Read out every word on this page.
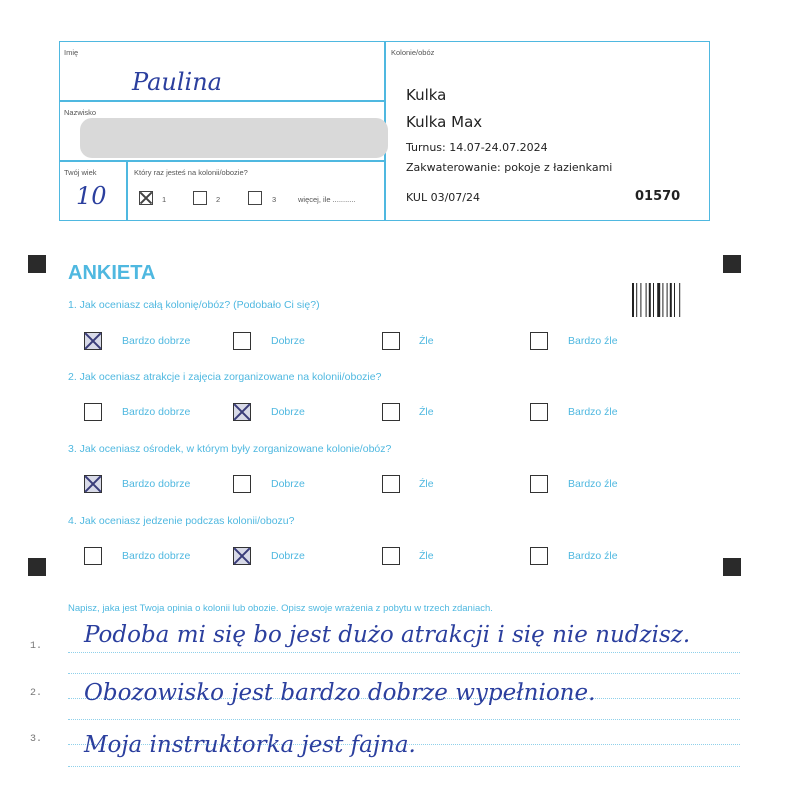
Imię
Paulina
Nazwisko
Twój wiek
10
Który raz jesteś na kolonii/obozie?
1	2	3	więcej, ile ...........
Kolonie/obóz
Kulka
Kulka Max
Turnus: 14.07-24.07.2024
Zakwaterowanie: pokoje z łazienkami
KUL 03/07/24	01570
ANKIETA
1. Jak oceniasz całą kolonię/obóz? (Podobało Ci się?)
Bardzo dobrze	Dobrze	Źle	Bardzo źle
2. Jak oceniasz atrakcje i zajęcia zorganizowane na kolonii/obozie?
Bardzo dobrze	Dobrze	Źle	Bardzo źle
3. Jak oceniasz ośrodek, w którym były zorganizowane kolonie/obóz?
Bardzo dobrze	Dobrze	Źle	Bardzo źle
4. Jak oceniasz jedzenie podczas kolonii/obozu?
Bardzo dobrze	Dobrze	Źle	Bardzo źle
Napisz, jaka jest Twoja opinia o kolonii lub obozie. Opisz swoje wrażenia z pobytu w trzech zdaniach.
1.
2.
3.
Podoba mi się bo jest dużo atrakcji i się nie nudzisz.
Obozowisko jest bardzo dobrze wypełnione.
Moja instruktorka jest fajna.
